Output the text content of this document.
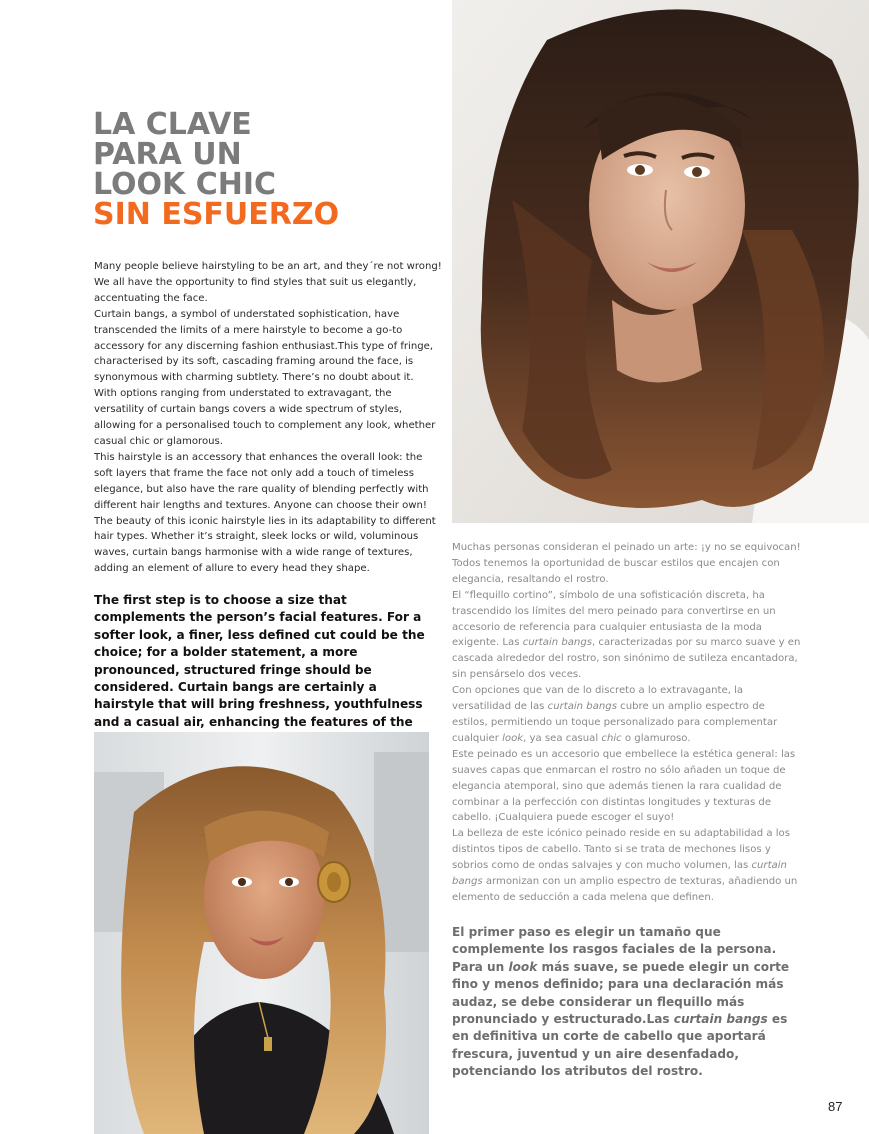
LA CLAVE
PARA UN
LOOK CHIC
SIN ESFUERZO

Many people believe hairstyling to be an art, and they´re not wrong! We all have the opportunity to find styles that suit us elegantly, accentuating the face.

Curtain bangs, a symbol of understated sophistication, have transcended the limits of a mere hairstyle to become a go-to accessory for any discerning fashion enthusiast.This type of fringe, characterised by its soft, cascading framing around the face, is synonymous with charming subtlety. There’s no doubt about it.

With options ranging from understated to extravagant, the versatility of curtain bangs covers a wide spectrum of styles, allowing for a personalised touch to complement any look, whether casual chic or glamorous.

This hairstyle is an accessory that enhances the overall look: the soft layers that frame the face not only add a touch of timeless elegance, but also have the rare quality of blending perfectly with different hair lengths and textures. Anyone can choose their own!

The beauty of this iconic hairstyle lies in its adaptability to different hair types. Whether it’s straight, sleek locks or wild, voluminous waves, curtain bangs harmonise with a wide range of textures, adding an element of allure to every head they shape.

The first step is to choose a size that complements the person’s facial features. For a softer look, a finer, less defined cut could be the choice; for a bolder statement, a more pronounced, structured fringe should be considered. Curtain bangs are certainly a hairstyle that will bring freshness, youthfulness and a casual air, enhancing the features of the

Muchas personas consideran el peinado un arte: ¡y no se equivocan! Todos tenemos la oportunidad de buscar estilos que encajen con elegancia, resaltando el rostro.

El “flequillo cortino”, símbolo de una sofisticación discreta, ha trascendido los límites del mero peinado para convertirse en un accesorio de referencia para cualquier entusiasta de la moda exigente. Las curtain bangs, caracterizadas por su marco suave y en cascada alrededor del rostro, son sinónimo de sutileza encantadora, sin pensárselo dos veces.

Con opciones que van de lo discreto a lo extravagante, la versatilidad de las curtain bangs cubre un amplio espectro de estilos, permitiendo un toque personalizado para complementar cualquier look, ya sea casual chic o glamuroso.

Este peinado es un accesorio que embellece la estética general: las suaves capas que enmarcan el rostro no sólo añaden un toque de elegancia atemporal, sino que además tienen la rara cualidad de combinar a la perfección con distintas longitudes y texturas de cabello. ¡Cualquiera puede escoger el suyo!

La belleza de este icónico peinado reside en su adaptabilidad a los distintos tipos de cabello. Tanto si se trata de mechones lisos y sobrios como de ondas salvajes y con mucho volumen, las curtain bangs armonizan con un amplio espectro de texturas, añadiendo un elemento de seducción a cada melena que definen.

El primer paso es elegir un tamaño que complemente los rasgos faciales de la persona. Para un look más suave, se puede elegir un corte fino y menos definido; para una declaración más audaz, se debe considerar un flequillo más pronunciado y estructurado.Las curtain bangs es en definitiva un corte de cabello que aportará frescura, juventud y un aire desenfadado, potenciando los atributos del rostro.

87
